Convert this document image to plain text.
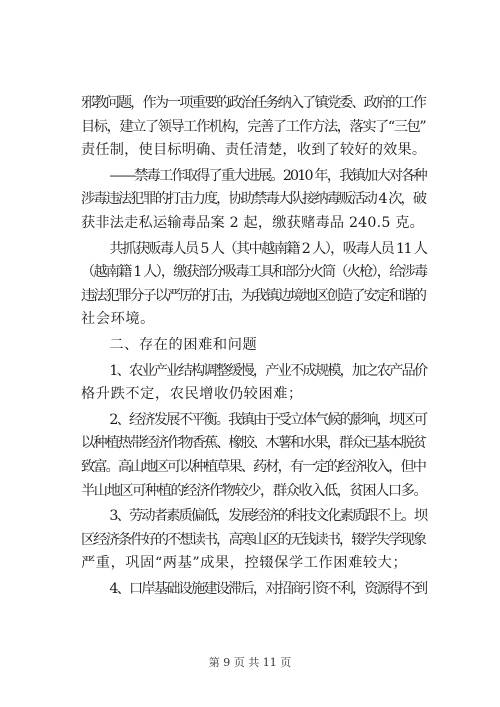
邪教问题，作为一项重要的政治任务纳入了镇党委、政府的工作
目标，建立了领导工作机构，完善了工作方法，落实了“三包”
责任制，使目标明确、责任清楚，收到了较好的效果。

——禁毒工作取得了重大进展。2010 年，我镇加大对各种
涉毒违法犯罪的打击力度，协助禁毒大队接纳毒贩活动 4 次，破
获非法走私运输毒品案 2 起，缴获赌毒品 240.5 克。

共抓获贩毒人员 5 人（其中越南籍 2 人），吸毒人员 11 人
（越南籍 1 人），缴获部分吸毒工具和部分火筒（火枪），给涉毒
违法犯罪分子以严厉的打击，为我镇边境地区创造了安定和谐的
社会环境。

二、存在的困难和问题

1、农业产业结构调整缓慢，产业不成规模，加之农产品价
格升跌不定，农民增收仍较困难；

2、经济发展不平衡。我镇由于受立体气候的影响，坝区可
以种植热带经济作物香蕉、橡胶、木薯和水果，群众已基本脱贫
致富。高山地区可以种植草果、药材，有一定的经济收入，但中
半山地区可种植的经济作物较少，群众收入低，贫困人口多。

3、劳动者素质偏低，发展经济的科技文化素质跟不上。坝
区经济条件好的不想读书，高寒山区的无钱读书，辍学失学现象
严重，巩固“两基”成果，控辍保学工作困难较大；

4、口岸基础设施建设滞后，对招商引资不利，资源得不到

第 9 页 共 11 页
